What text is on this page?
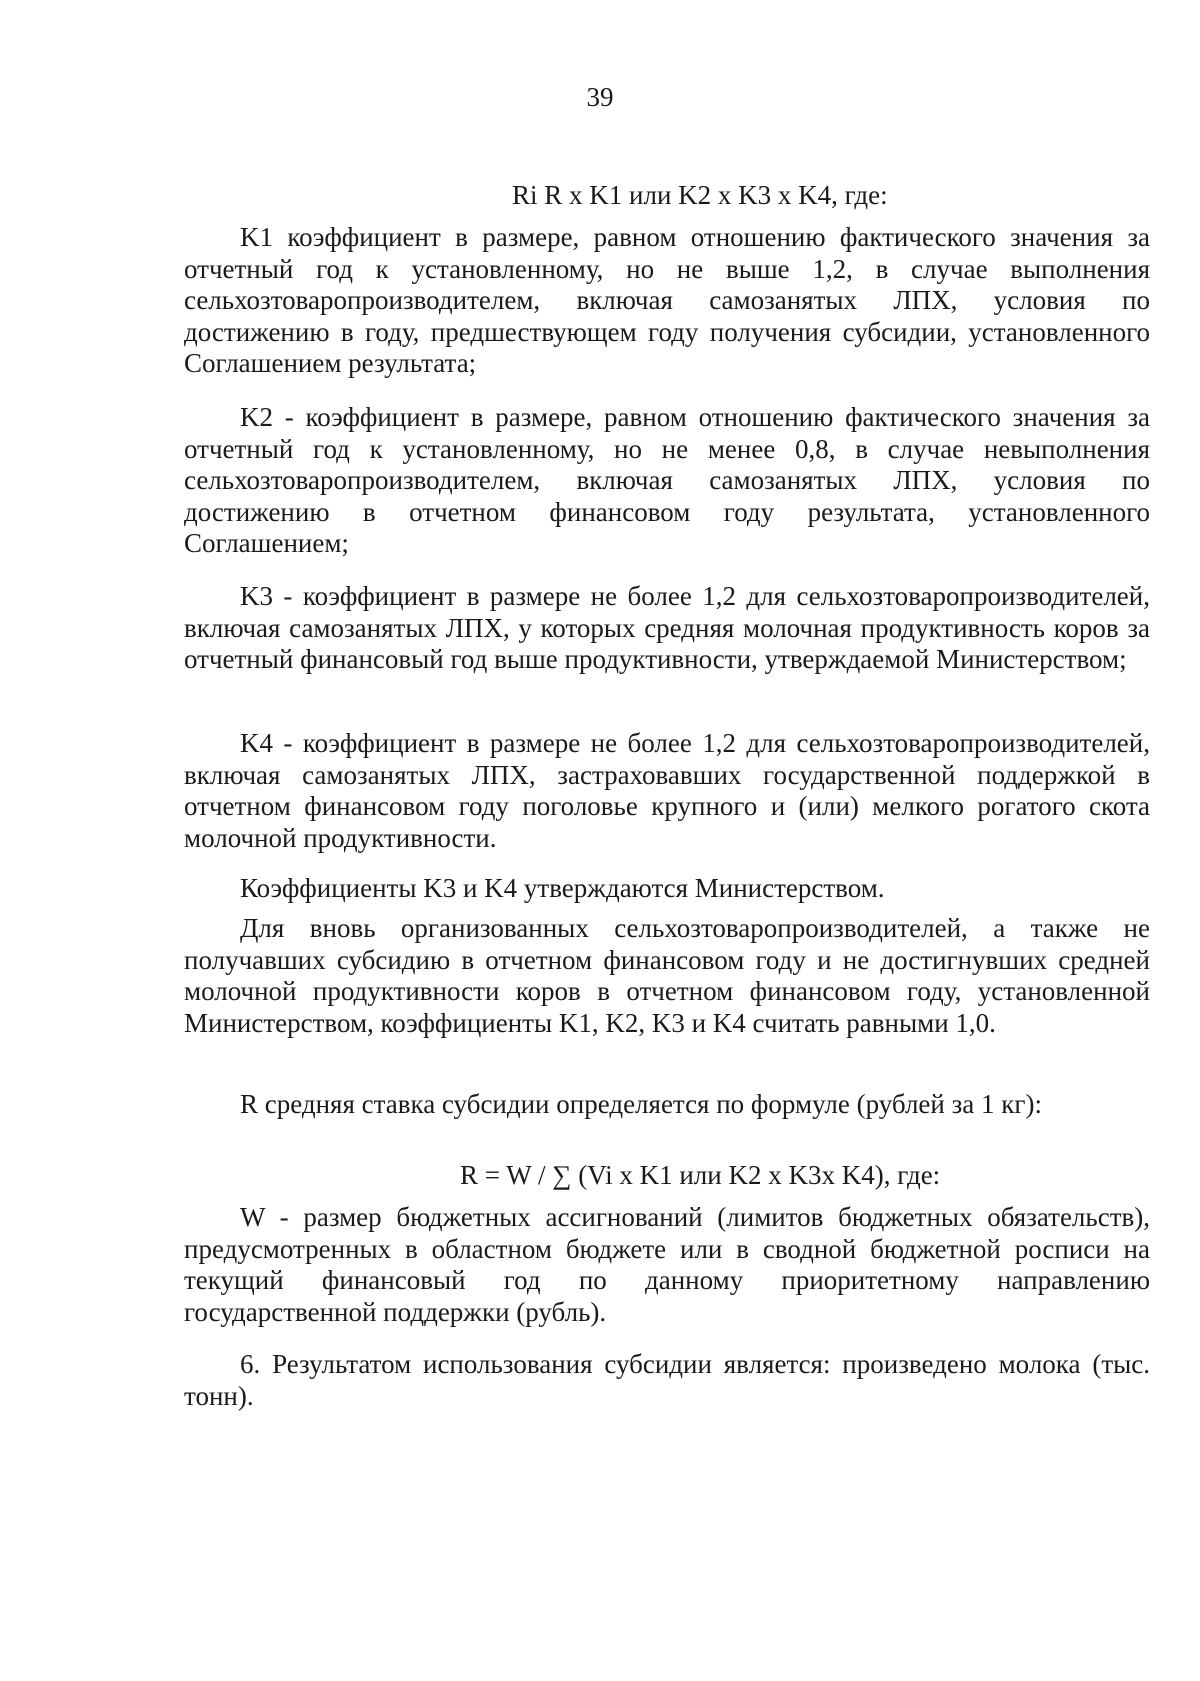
39
Ri R x K1 или K2 x K3 x K4, где:

K1 коэффициент в размере, равном отношению фактического значения за отчетный год к установленному, но не выше 1,2, в случае выполнения сельхозтоваропроизводителем, включая самозанятых ЛПХ, условия по достижению в году, предшествующем году получения субсидии, установленного Соглашением результата;

K2 - коэффициент в размере, равном отношению фактического значения за отчетный год к установленному, но не менее 0,8, в случае невыполнения сельхозтоваропроизводителем, включая самозанятых ЛПХ, условия по достижению в отчетном финансовом году результата, установленного Соглашением;

K3 - коэффициент в размере не более 1,2 для сельхозтоваропроизводителей, включая самозанятых ЛПХ, у которых средняя молочная продуктивность коров за отчетный финансовый год выше продуктивности, утверждаемой Министерством;

K4 - коэффициент в размере не более 1,2 для сельхозтоваропроизводителей, включая самозанятых ЛПХ, застраховавших государственной поддержкой в отчетном финансовом году поголовье крупного и (или) мелкого рогатого скота молочной продуктивности.

Коэффициенты K3 и K4 утверждаются Министерством.

Для вновь организованных сельхозтоваропроизводителей, а также не получавших субсидию в отчетном финансовом году и не достигнувших средней молочной продуктивности коров в отчетном финансовом году, установленной Министерством, коэффициенты K1, K2, K3 и K4 считать равными 1,0.

R средняя ставка субсидии определяется по формуле (рублей за 1 кг):

R = W / ∑ (Vi x K1 или K2 x K3x K4), где:

W - размер бюджетных ассигнований (лимитов бюджетных обязательств), предусмотренных в областном бюджете или в сводной бюджетной росписи на текущий финансовый год по данному приоритетному направлению государственной поддержки (рубль).

6. Результатом использования субсидии является: произведено молока (тыс. тонн).
